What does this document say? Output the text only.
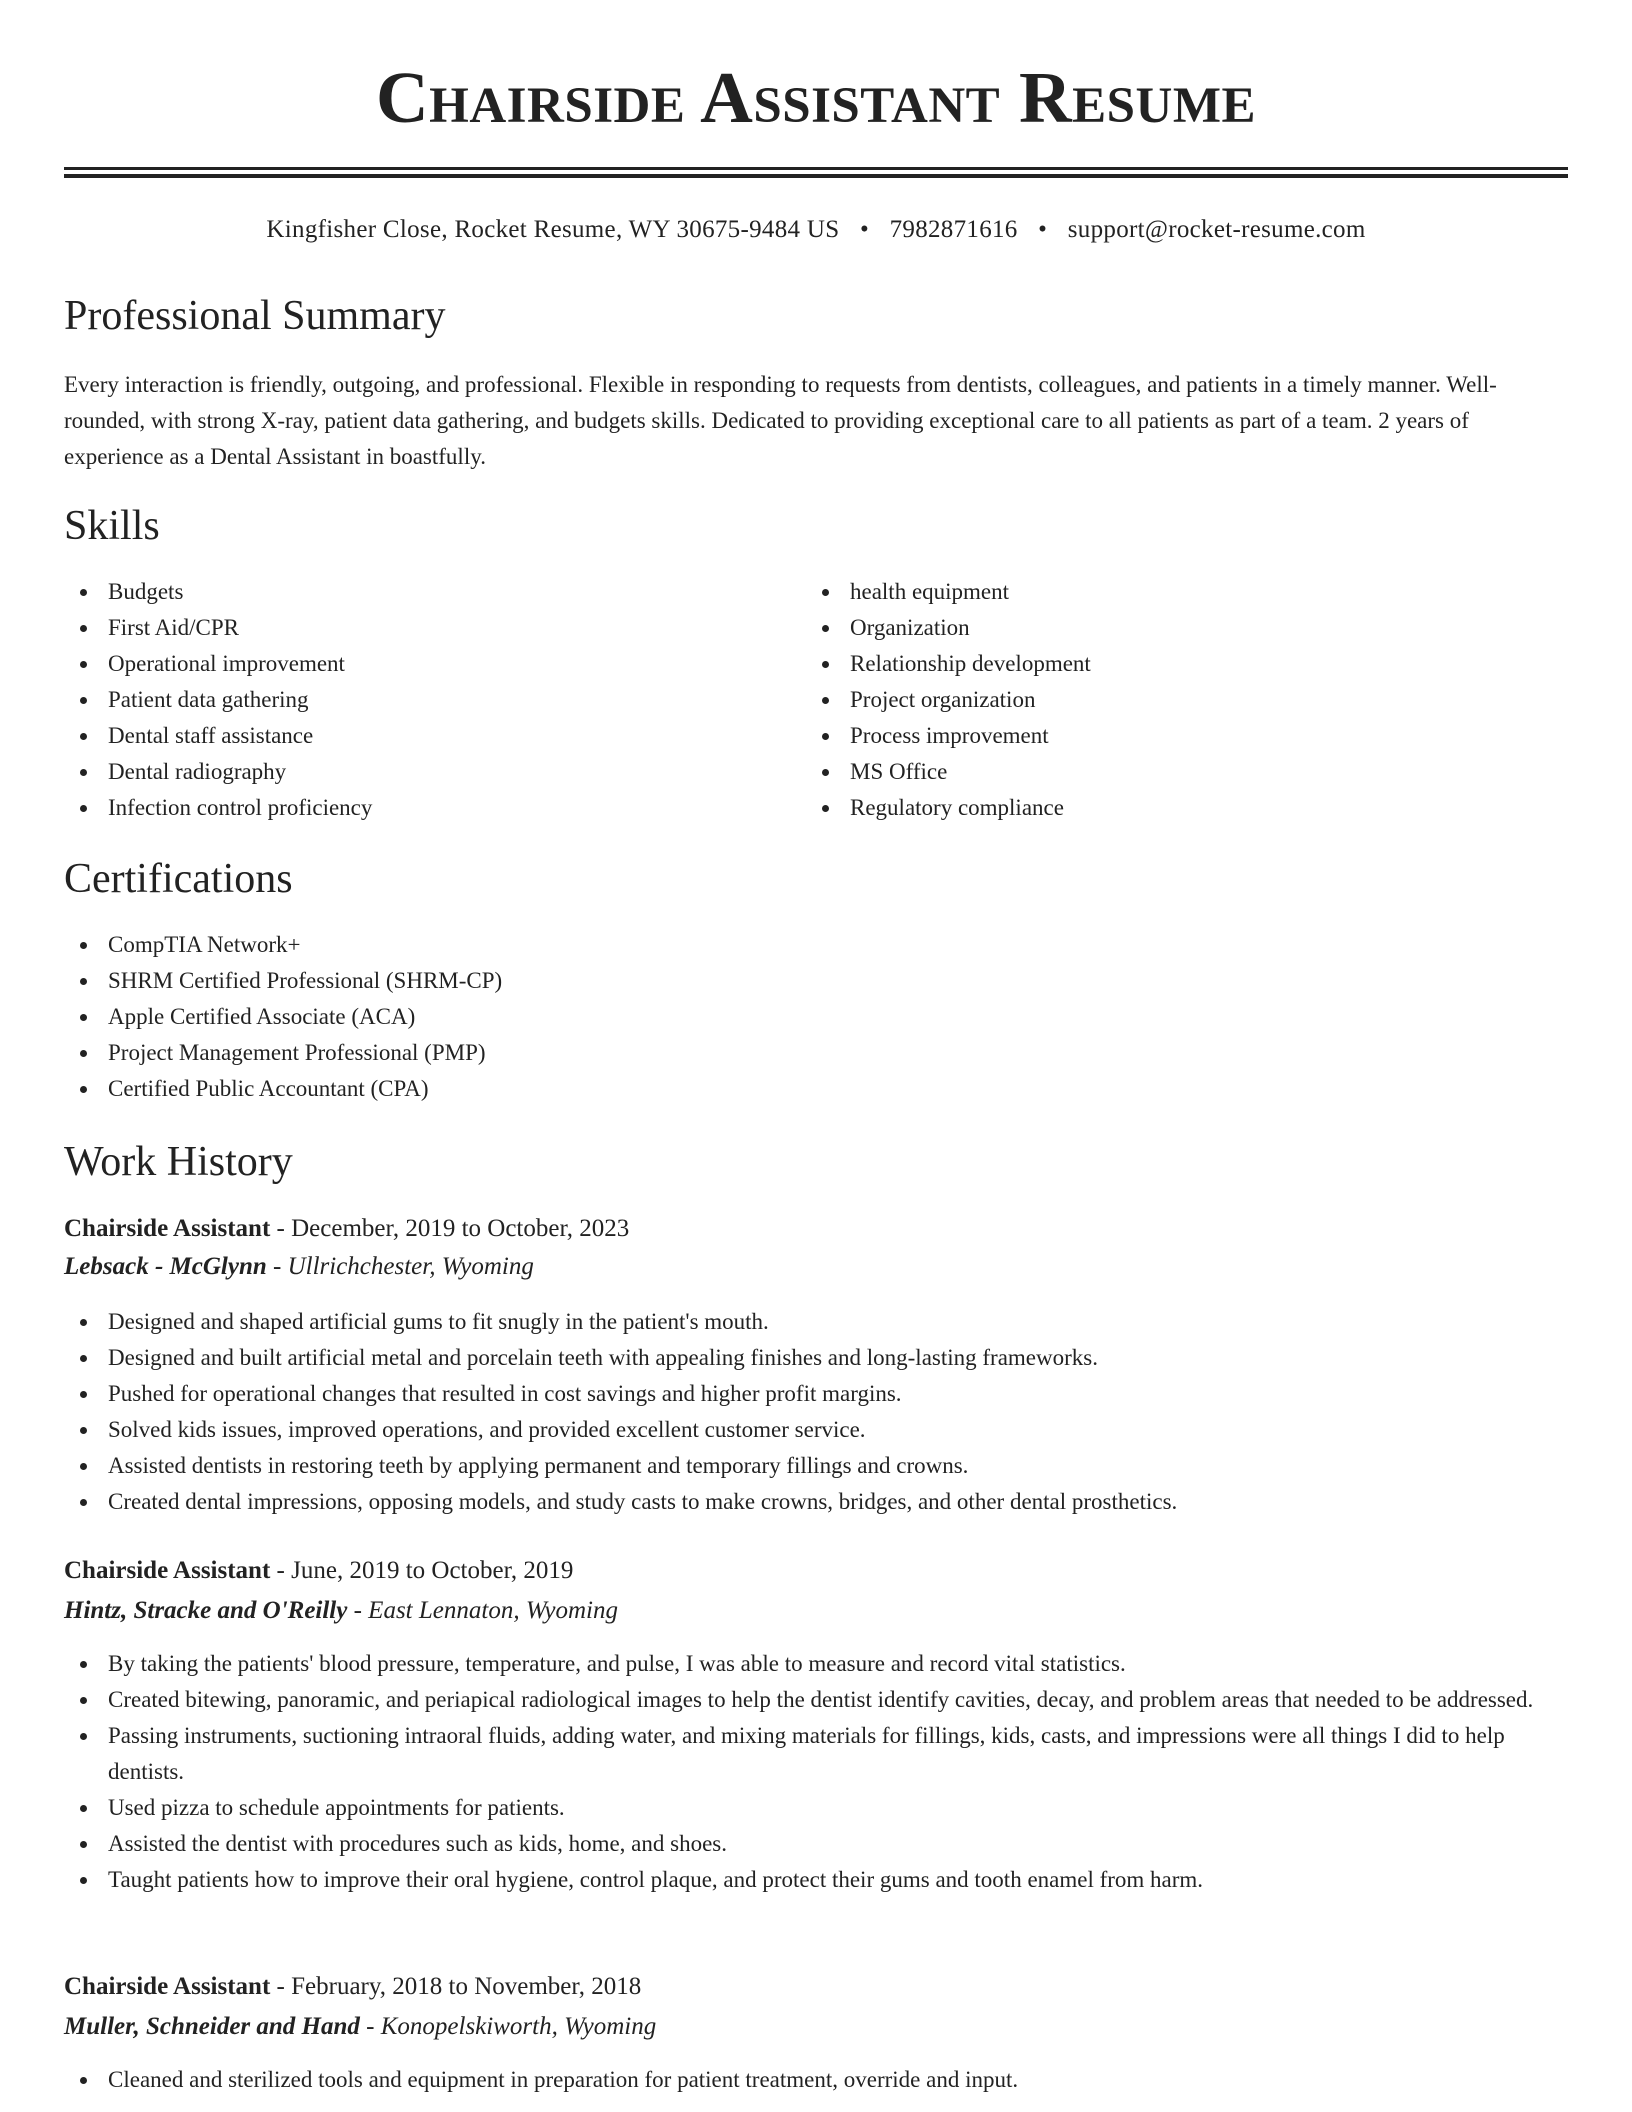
Chairside Assistant Resume
Kingfisher Close, Rocket Resume, WY 30675-9484 US • 7982871616 • support@rocket-resume.com
Professional Summary

Every interaction is friendly, outgoing, and professional. Flexible in responding to requests from dentists, colleagues, and patients in a timely manner. Well-rounded, with strong X-ray, patient data gathering, and budgets skills. Dedicated to providing exceptional care to all patients as part of a team. 2 years of experience as a Dental Assistant in boastfully.

Skills
Budgets
First Aid/CPR
Operational improvement
Patient data gathering
Dental staff assistance
Dental radiography
Infection control proficiency
health equipment
Organization
Relationship development
Project organization
Process improvement
MS Office
Regulatory compliance
Certifications
CompTIA Network+
SHRM Certified Professional (SHRM-CP)
Apple Certified Associate (ACA)
Project Management Professional (PMP)
Certified Public Accountant (CPA)
Work History
Chairside Assistant - December, 2019 to October, 2023
Lebsack - McGlynn - Ullrichchester, Wyoming
Designed and shaped artificial gums to fit snugly in the patient's mouth.
Designed and built artificial metal and porcelain teeth with appealing finishes and long-lasting frameworks.
Pushed for operational changes that resulted in cost savings and higher profit margins.
Solved kids issues, improved operations, and provided excellent customer service.
Assisted dentists in restoring teeth by applying permanent and temporary fillings and crowns.
Created dental impressions, opposing models, and study casts to make crowns, bridges, and other dental prosthetics.
Chairside Assistant - June, 2019 to October, 2019
Hintz, Stracke and O'Reilly - East Lennaton, Wyoming
By taking the patients' blood pressure, temperature, and pulse, I was able to measure and record vital statistics.
Created bitewing, panoramic, and periapical radiological images to help the dentist identify cavities, decay, and problem areas that needed to be addressed.
Passing instruments, suctioning intraoral fluids, adding water, and mixing materials for fillings, kids, casts, and impressions were all things I did to help dentists.
Used pizza to schedule appointments for patients.
Assisted the dentist with procedures such as kids, home, and shoes.
Taught patients how to improve their oral hygiene, control plaque, and protect their gums and tooth enamel from harm.
Chairside Assistant - February, 2018 to November, 2018
Muller, Schneider and Hand - Konopelskiworth, Wyoming
Cleaned and sterilized tools and equipment in preparation for patient treatment, override and input.
